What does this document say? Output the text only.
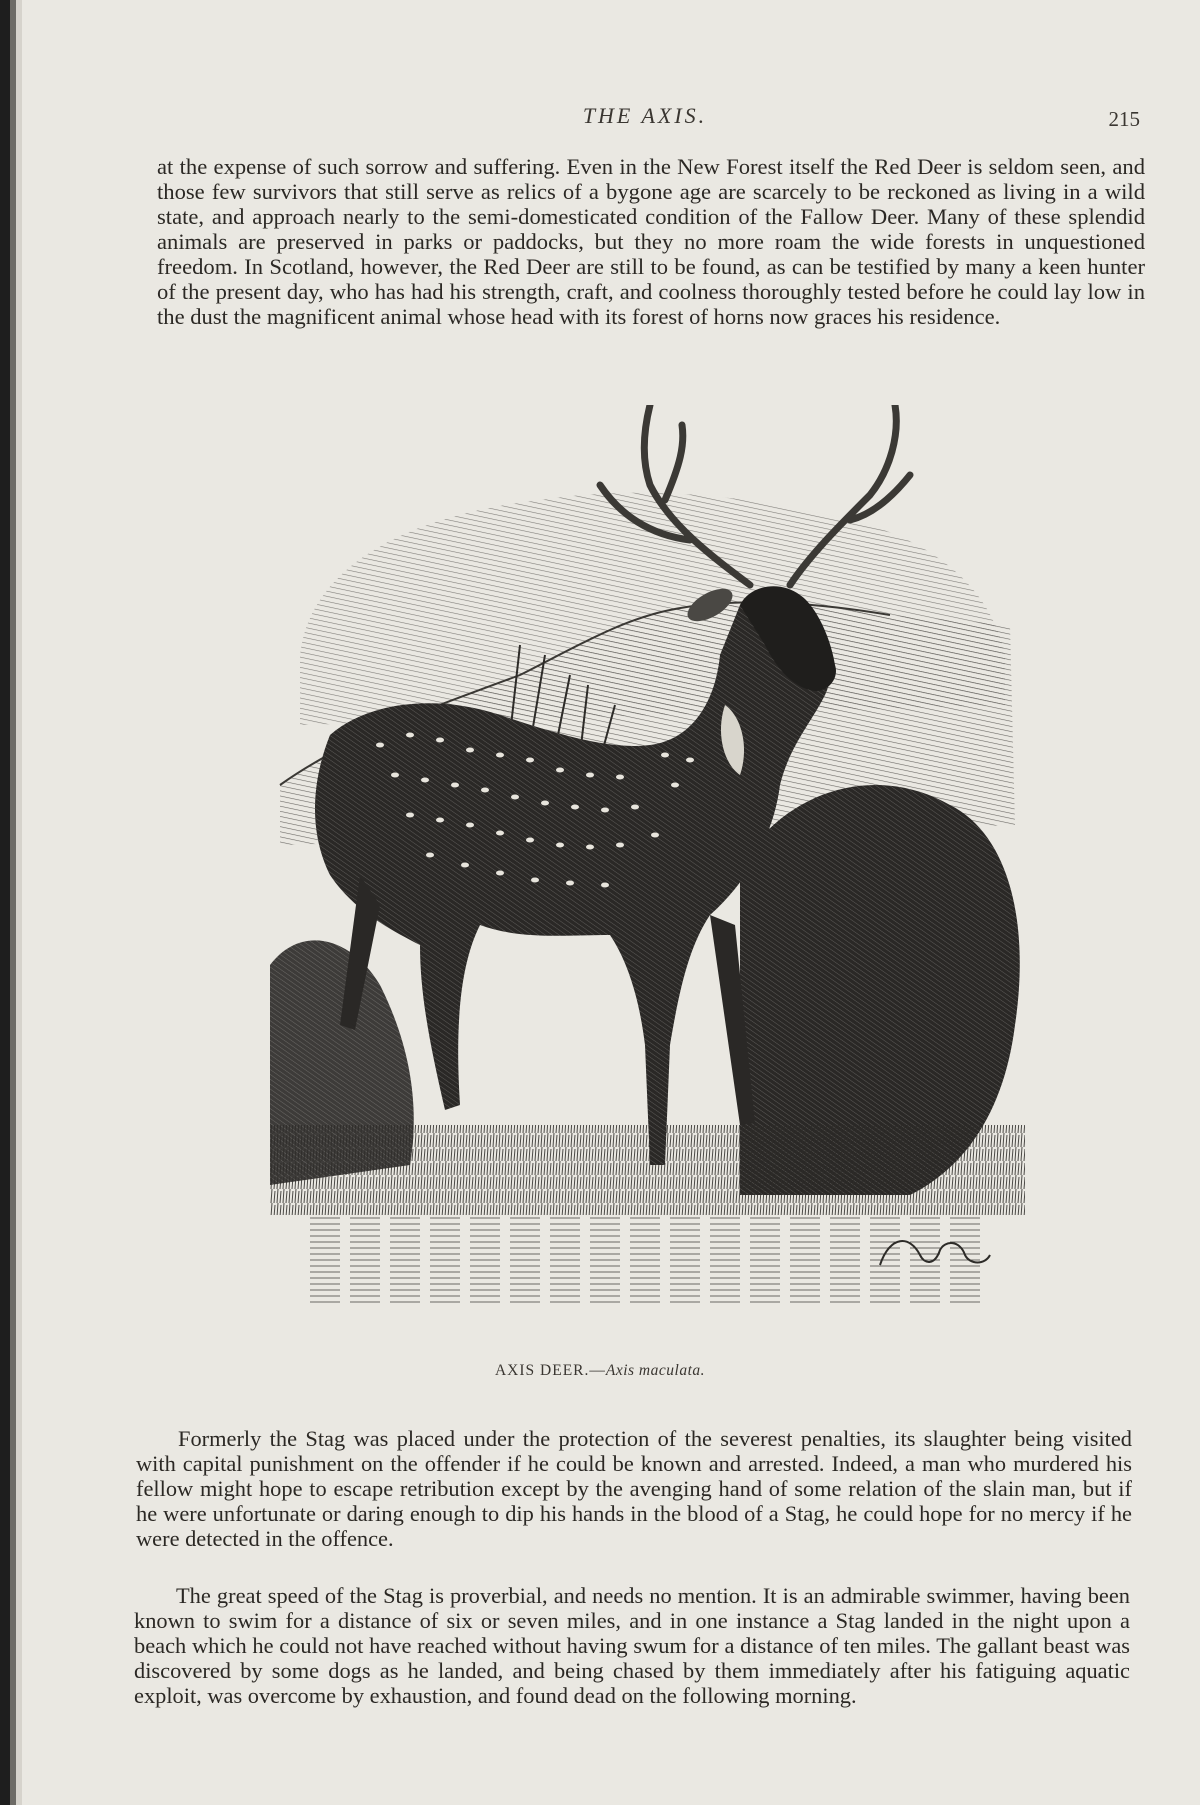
THE AXIS.	215

at the expense of such sorrow and suffering. Even in the New Forest itself the Red Deer is seldom seen, and those few survivors that still serve as relics of a bygone age are scarcely to be reckoned as living in a wild state, and approach nearly to the semi-domesticated condition of the Fallow Deer. Many of these splendid animals are preserved in parks or paddocks, but they no more roam the wide forests in unquestioned freedom. In Scotland, however, the Red Deer are still to be found, as can be testified by many a keen hunter of the present day, who has had his strength, craft, and coolness thoroughly tested before he could lay low in the dust the magnificent animal whose head with its forest of horns now graces his residence.

AXIS DEER.—Axis maculata.

Formerly the Stag was placed under the protection of the severest penalties, its slaughter being visited with capital punishment on the offender if he could be known and arrested. Indeed, a man who murdered his fellow might hope to escape retribution except by the avenging hand of some relation of the slain man, but if he were unfortunate or daring enough to dip his hands in the blood of a Stag, he could hope for no mercy if he were detected in the offence.

The great speed of the Stag is proverbial, and needs no mention. It is an admirable swimmer, having been known to swim for a distance of six or seven miles, and in one instance a Stag landed in the night upon a beach which he could not have reached without having swum for a distance of ten miles. The gallant beast was discovered by some dogs as he landed, and being chased by them immediately after his fatiguing aquatic exploit, was overcome by exhaustion, and found dead on the following morning.
